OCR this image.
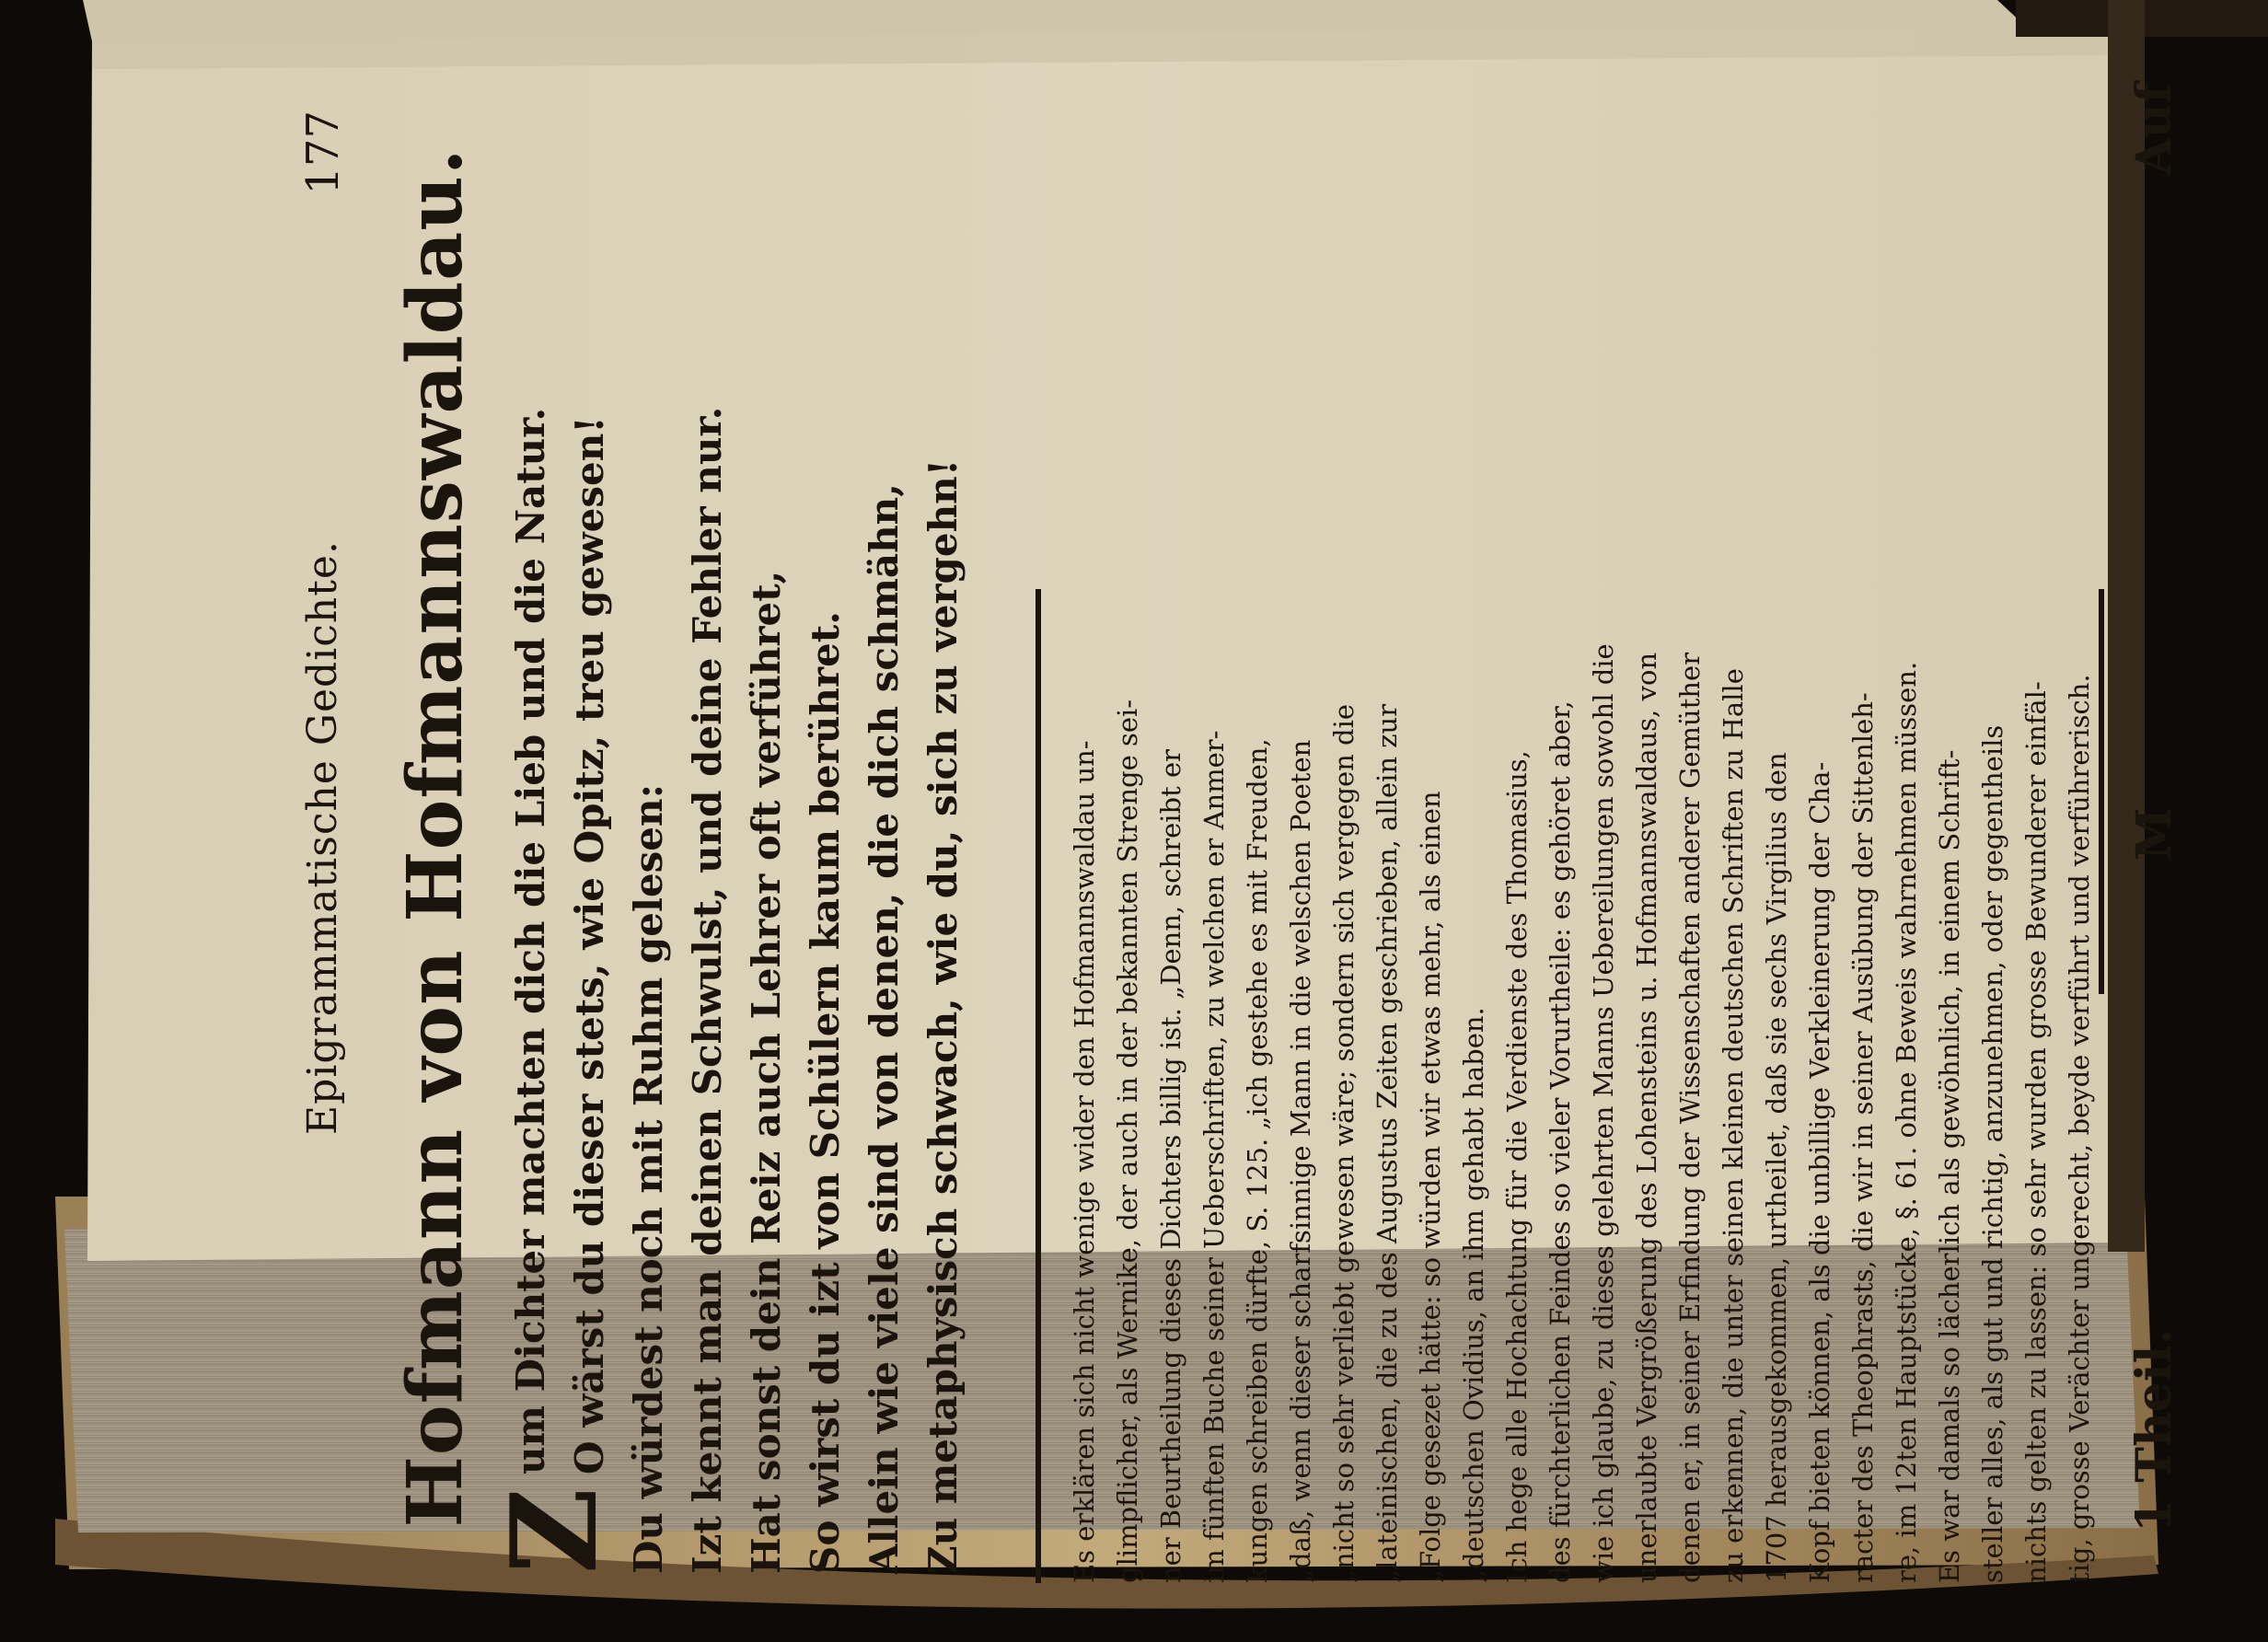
Epigrammatische Gedichte.
177 Hofmann von Hofmannswaldau.
Z
um Dichter machten dich die Lieb und die Natur. O wärst du dieser stets, wie Opitz, treu gewesen! Du würdest noch mit Ruhm gelesen: Izt kennt man deinen Schwulst, und deine Fehler nur. Hat sonst dein Reiz auch Lehrer oft verführet, So wirst du izt von Schülern kaum berühret. Allein wie viele sind von denen, die dich schmähn, Zu metaphysisch schwach, wie du, sich zu vergehn!	Es erklären sich nicht wenige wider den Hofmannswaldau un- glimpflicher, als Wernike, der auch in der bekannten Strenge sei- ner Beurtheilung dieses Dichters billig ist. „Denn, schreibt er im fünften Buche seiner Ueberschriften, zu welchen er Anmer- kungen schreiben dürfte, S. 125. „ich gestehe es mit Freuden, „daß, wenn dieser scharfsinnige Mann in die welschen Poeten „nicht so sehr verliebt gewesen wäre; sondern sich vergegen die „lateinischen, die zu des Augustus Zeiten geschrieben, allein zur „Folge gesezet hätte: so würden wir etwas mehr, als einen „deutschen Ovidius, an ihm gehabt haben. Ich hege alle Hochachtung für die Verdienste des Thomasius, des fürchterlichen Feindes so vieler Vorurtheile: es gehöret aber, wie ich glaube, zu dieses gelehrten Manns Uebereilungen sowohl die unerlaubte Vergrößerung des Lohensteins u. Hofmannswaldaus, von denen er, in seiner Erfindung der Wissenschaften anderer Gemüther zu erkennen, die unter seinen kleinen deutschen Schriften zu Halle 1707 herausgekommen, urtheilet, daß sie sechs Virgilius den Kopf bieten können, als die unbillige Verkleinerung der Cha- racter des Theophrasts, die wir in seiner Ausübung der Sittenleh- re, im 12ten Hauptstücke, §. 61. ohne Beweis wahrnehmen müssen. Es war damals so lächerlich als gewöhnlich, in einem Schrift- steller alles, als gut und richtig, anzunehmen, oder gegentheils nichts gelten zu lassen: so sehr wurden grosse Bewunderer einfäl- tig, grosse Verächter ungerecht, beyde verführt und verführerisch. 1 Theil.
M
Auf
